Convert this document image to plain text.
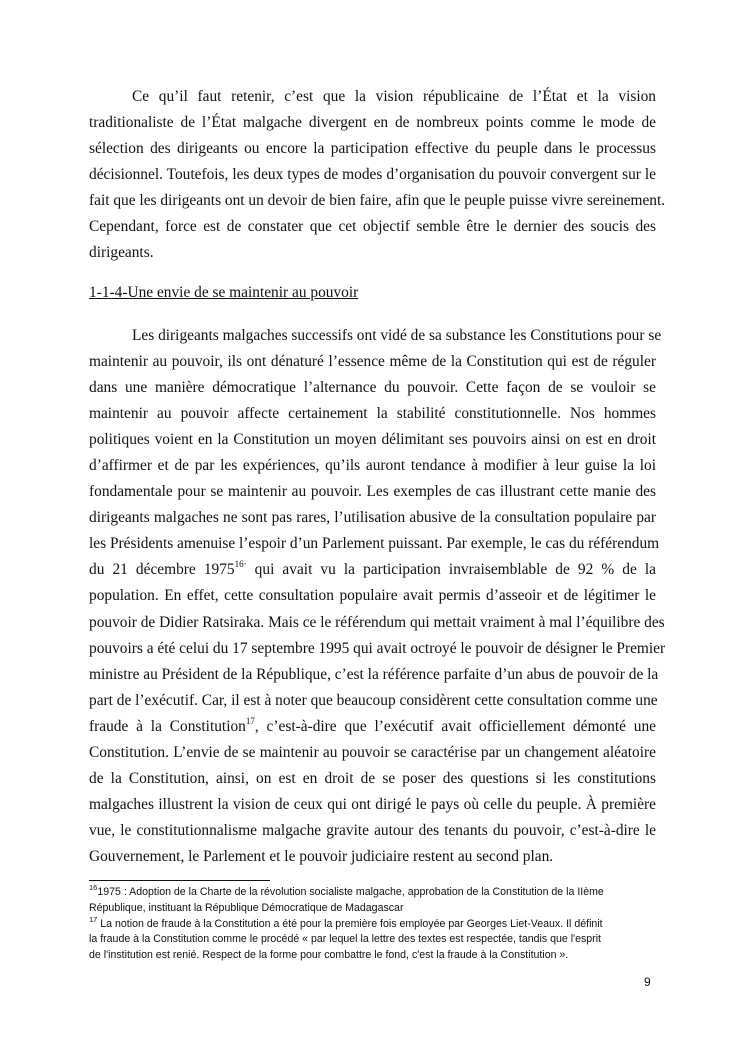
Ce qu’il faut retenir, c’est que la vision républicaine de l’État et la vision
traditionaliste de l’État malgache divergent en de nombreux points comme le mode de
sélection des dirigeants ou encore la participation effective du peuple dans le processus
décisionnel. Toutefois, les deux types de modes d’organisation du pouvoir convergent sur le
fait que les dirigeants ont un devoir de bien faire, afin que le peuple puisse vivre sereinement.
Cependant, force est de constater que cet objectif semble être le dernier des soucis des
dirigeants.
1-1-4-Une envie de se maintenir au pouvoir
Les dirigeants malgaches successifs ont vidé de sa substance les Constitutions pour se
maintenir au pouvoir, ils ont dénaturé l’essence même de la Constitution qui est de réguler
dans une manière démocratique l’alternance du pouvoir. Cette façon de se vouloir se
maintenir au pouvoir affecte certainement la stabilité constitutionnelle. Nos hommes
politiques voient en la Constitution un moyen délimitant ses pouvoirs ainsi on est en droit
d’affirmer et de par les expériences, qu’ils auront tendance à modifier à leur guise la loi
fondamentale pour se maintenir au pouvoir. Les exemples de cas illustrant cette manie des
dirigeants malgaches ne sont pas rares, l’utilisation abusive de la consultation populaire par
les Présidents amenuise l’espoir d’un Parlement puissant. Par exemple, le cas du référendum
du 21 décembre $1975^{16\cdot}$ qui avait vu la participation invraisemblable de 92 % de la
population. En effet, cette consultation populaire avait permis d’asseoir et de légitimer le
pouvoir de Didier Ratsiraka. Mais ce le référendum qui mettait vraiment à mal l’équilibre des
pouvoirs a été celui du 17 septembre 1995 qui avait octroyé le pouvoir de désigner le Premier
ministre au Président de la République, c’est la référence parfaite d’un abus de pouvoir de la
part de l’exécutif. Car, il est à noter que beaucoup considèrent cette consultation comme une
fraude à la Constitution$^{17}$, c’est-à-dire que l’exécutif avait officiellement démonté une
Constitution. L’envie de se maintenir au pouvoir se caractérise par un changement aléatoire
de la Constitution, ainsi, on est en droit de se poser des questions si les constitutions
malgaches illustrent la vision de ceux qui ont dirigé le pays où celle du peuple. À première
vue, le constitutionnalisme malgache gravite autour des tenants du pouvoir, c’est-à-dire le
Gouvernement, le Parlement et le pouvoir judiciaire restent au second plan.
$^{16}$1975 : Adoption de la Charte de la révolution socialiste malgache, approbation de la Constitution de la IIème
République, instituant la République Démocratique de Madagascar
$^{17}$ La notion de fraude à la Constitution a été pour la première fois employée par Georges Liet-Veaux. Il définit
la fraude à la Constitution comme le procédé « par lequel la lettre des textes est respectée, tandis que l'esprit
de l'institution est renié. Respect de la forme pour combattre le fond, c'est la fraude à la Constitution ».
9
